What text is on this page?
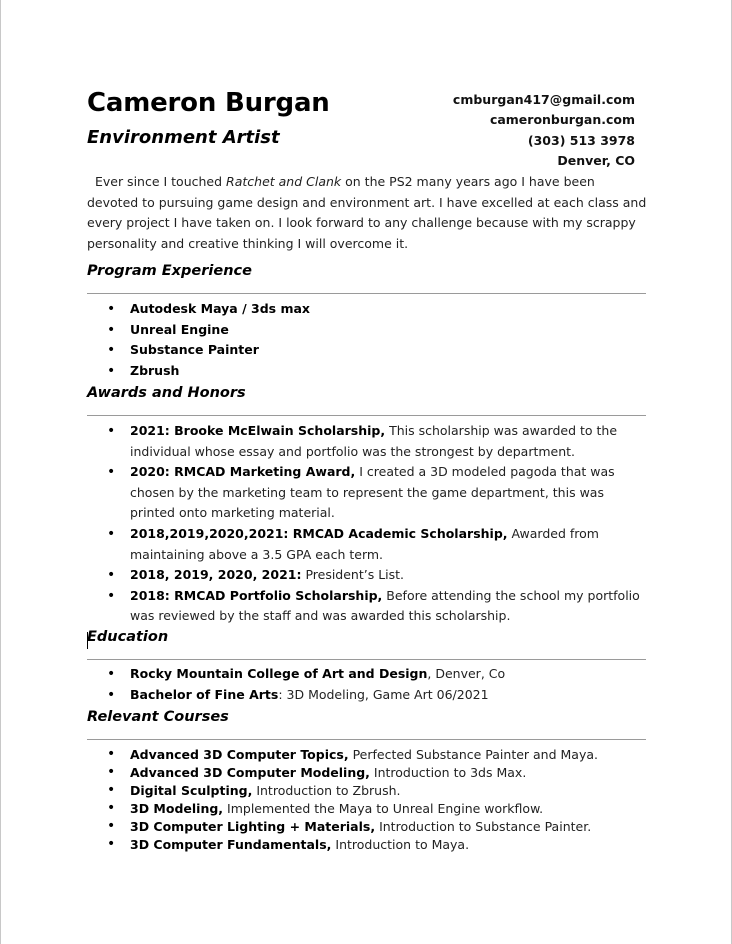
Cameron Burgan
Environment Artist
cmburgan417@gmail.com
cameronburgan.com
(303) 513 3978
Denver, CO
Ever since I touched Ratchet and Clank on the PS2 many years ago I have been devoted to pursuing game design and environment art. I have excelled at each class and every project I have taken on. I look forward to any challenge because with my scrappy personality and creative thinking I will overcome it.
Program Experience
• Autodesk Maya / 3ds max
• Unreal Engine
• Substance Painter
• Zbrush
Awards and Honors
• 2021: Brooke McElwain Scholarship, This scholarship was awarded to the individual whose essay and portfolio was the strongest by department.
• 2020: RMCAD Marketing Award, I created a 3D modeled pagoda that was chosen by the marketing team to represent the game department, this was printed onto marketing material.
• 2018,2019,2020,2021: RMCAD Academic Scholarship, Awarded from maintaining above a 3.5 GPA each term.
• 2018, 2019, 2020, 2021: President’s List.
• 2018: RMCAD Portfolio Scholarship, Before attending the school my portfolio was reviewed by the staff and was awarded this scholarship.
Education
• Rocky Mountain College of Art and Design, Denver, Co
• Bachelor of Fine Arts: 3D Modeling, Game Art 06/2021
Relevant Courses
• Advanced 3D Computer Topics, Perfected Substance Painter and Maya.
• Advanced 3D Computer Modeling, Introduction to 3ds Max.
• Digital Sculpting, Introduction to Zbrush.
• 3D Modeling, Implemented the Maya to Unreal Engine workflow.
• 3D Computer Lighting + Materials, Introduction to Substance Painter.
• 3D Computer Fundamentals, Introduction to Maya.
